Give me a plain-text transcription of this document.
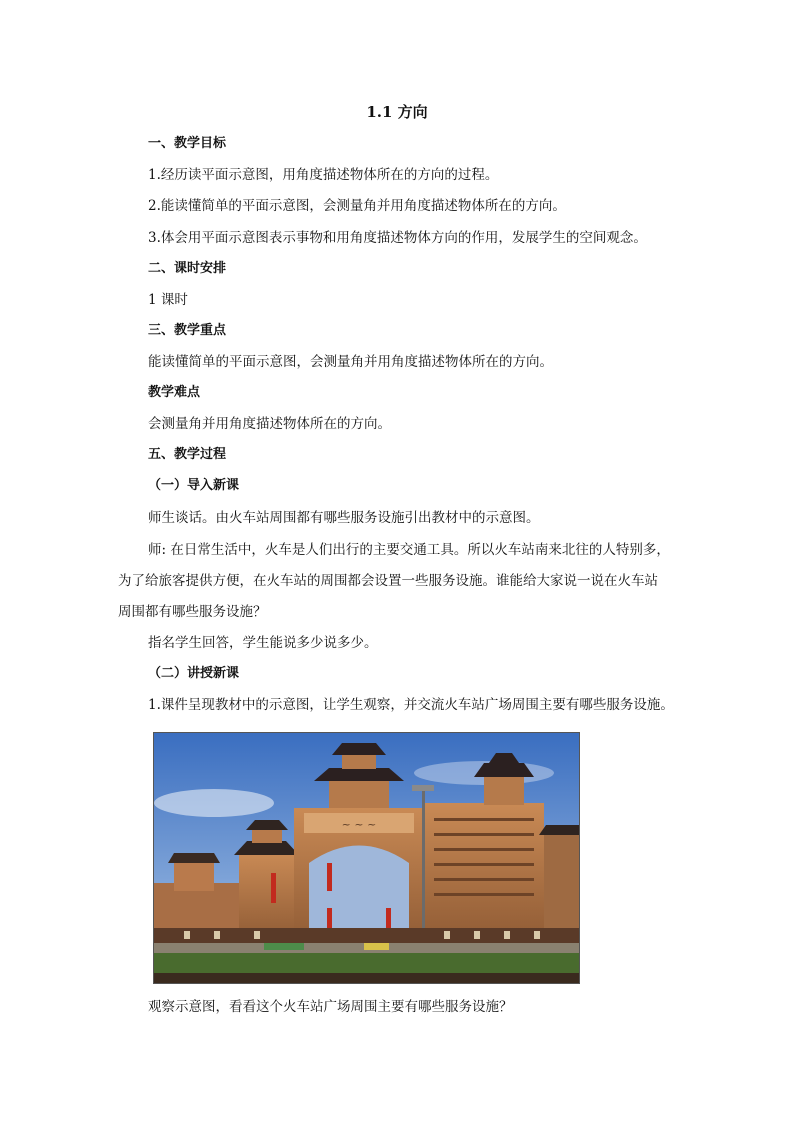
1.1 方向
一、教学目标
1.经历读平面示意图，用角度描述物体所在的方向的过程。
2.能读懂简单的平面示意图，会测量角并用角度描述物体所在的方向。
3.体会用平面示意图表示事物和用角度描述物体方向的作用，发展学生的空间观念。
二、课时安排
1 课时
三、教学重点
能读懂简单的平面示意图，会测量角并用角度描述物体所在的方向。
教学难点
会测量角并用角度描述物体所在的方向。
五、教学过程
（一）导入新课
师生谈话。由火车站周围都有哪些服务设施引出教材中的示意图。
师: 在日常生活中，火车是人们出行的主要交通工具。所以火车站南来北往的人特别多，
为了给旅客提供方便，在火车站的周围都会设置一些服务设施。谁能给大家说一说在火车站
周围都有哪些服务设施？
指名学生回答，学生能说多少说多少。
（二）讲授新课
1.课件呈现教材中的示意图，让学生观察，并交流火车站广场周围主要有哪些服务设施。
~ ~ ~
观察示意图，看看这个火车站广场周围主要有哪些服务设施？
